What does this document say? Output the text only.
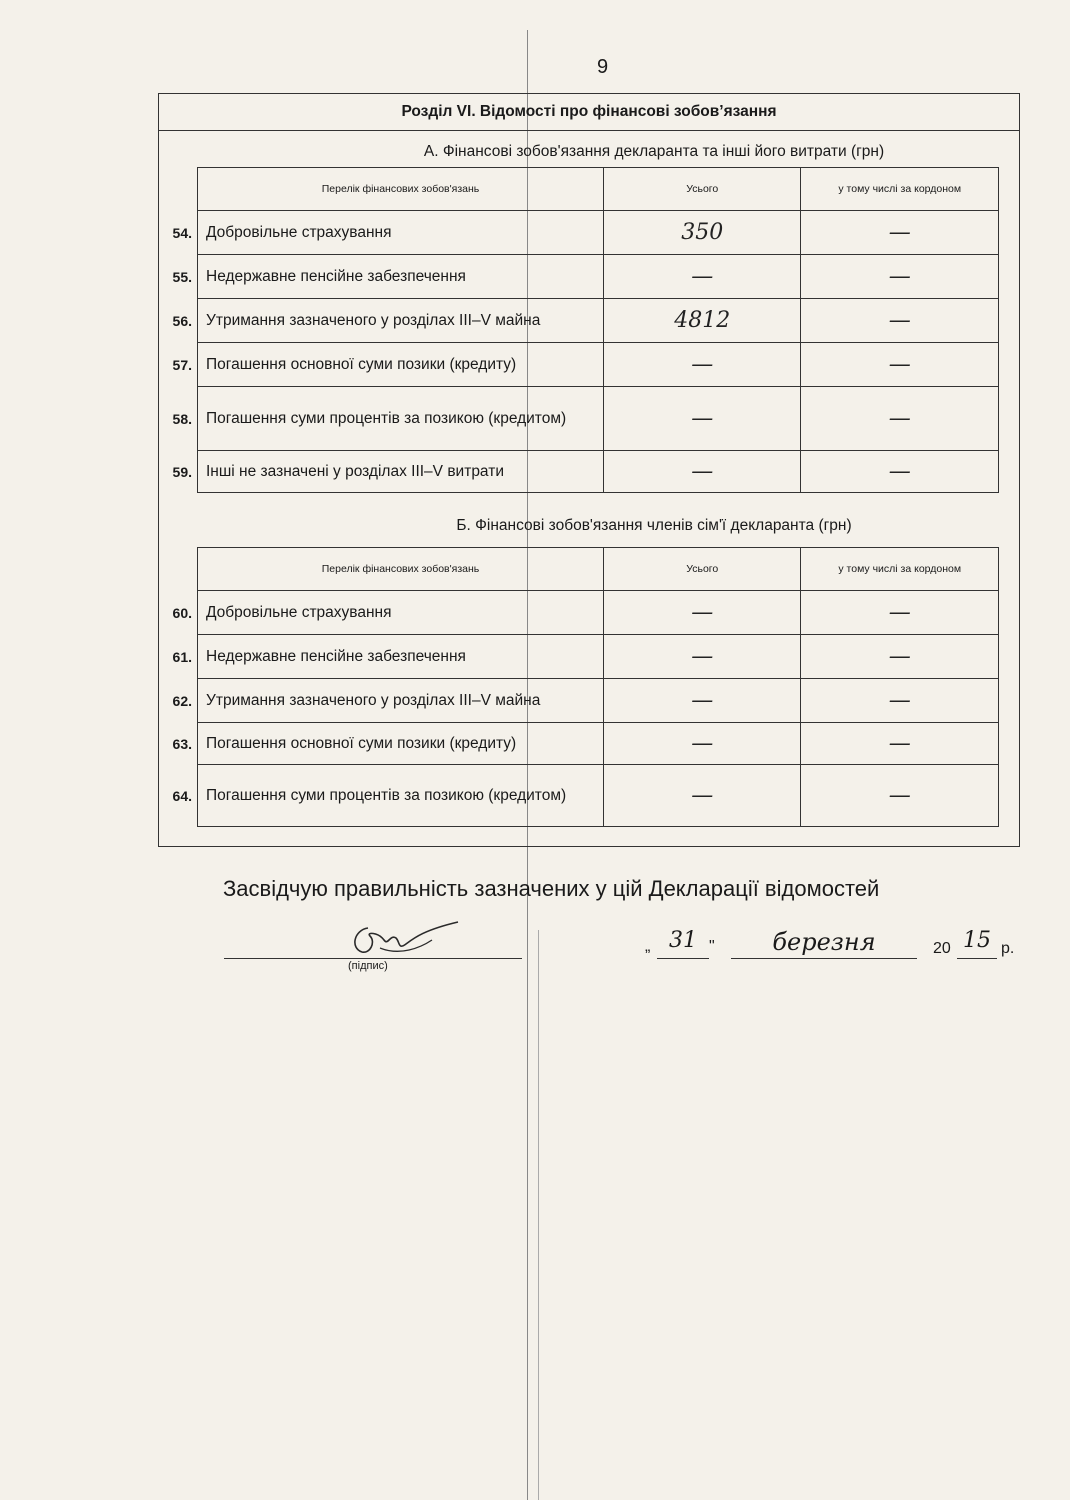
9
Розділ VI. Відомості про фінансові зобов’язання
А. Фінансові зобов'язання декларанта та інші його витрати (грн)
Перелік фінансових зобов'язань	Усього	у тому числі за кордоном

54. Добровільне страхування	350	—

55. Недержавне пенсійне забезпечення	—	—

56. Утримання зазначеного у розділах III–V майна	4812	—

57. Погашення основної суми позики (кредиту)	—	—

58. Погашення суми процентів за позикою (кредитом)	—	—

59. Інші не зазначені у розділах III–V витрати	—	—
Б. Фінансові зобов'язання членів сім'ї декларанта (грн)
Перелік фінансових зобов'язань	Усього	у тому числі за кордоном

60. Добровільне страхування	—	—

61. Недержавне пенсійне забезпечення	—	—

62. Утримання зазначеного у розділах III–V майна	—	—

63. Погашення основної суми позики (кредиту)	—	—

64. Погашення суми процентів за позикою (кредитом)	—	—
Засвідчую правильність зазначених у цій Декларації відомостей
(підпис)
„ 31 "	березня	20 15 р.
